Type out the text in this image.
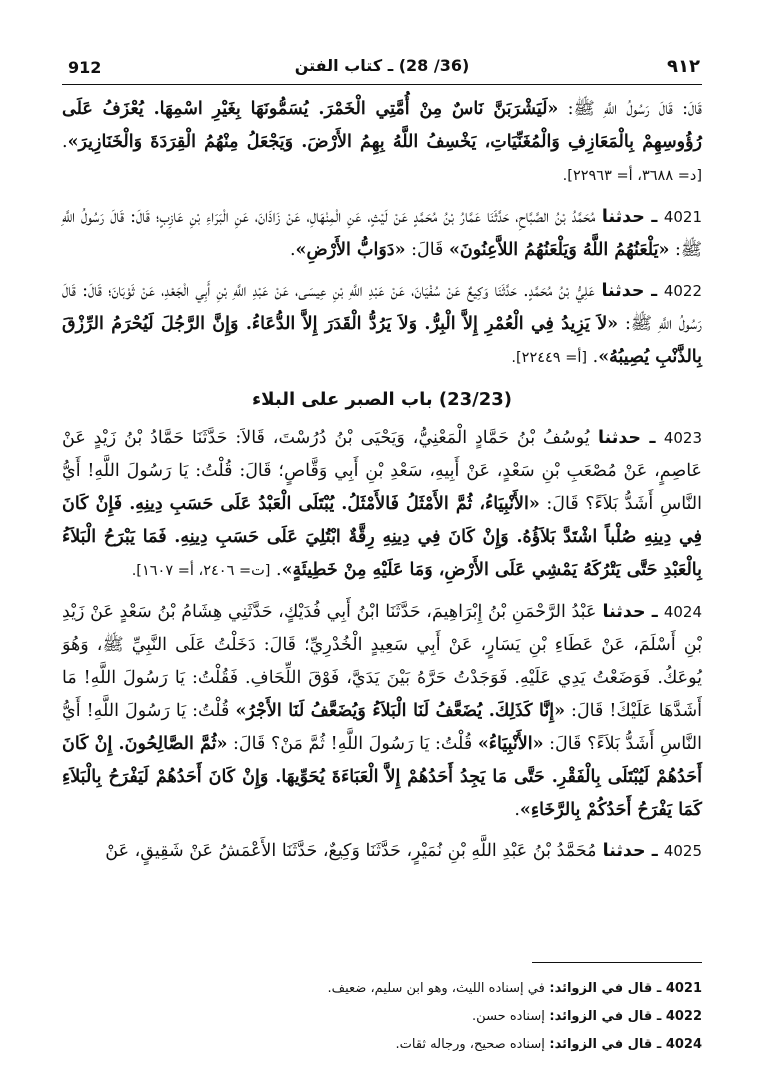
912	(36/ 28) ـ كتاب الفتن	٩١٢

قَالَ: قَالَ رَسُولُ اللَّهِ ﷺ: «لَيَشْرَبَنَّ نَاسٌ مِنْ أُمَّتِي الْخَمْرَ. يُسَمُّونَهَا بِغَيْرِ اسْمِهَا. يُعْزَفُ عَلَى رُؤُوسِهِمْ بِالْمَعَازِفِ وَالْمُغَنِّيَاتِ، يَخْسِفُ اللَّهُ بِهِمُ الأَرْضَ. وَيَجْعَلُ مِنْهُمُ الْقِرَدَةَ وَالْخَنَازِيرَ». [د= ٣٦٨٨، أ= ٢٢٩٦٣].

4021 ـ حدثنا مُحَمَّدُ بْنُ الصَّبَّاحِ، حَدَّثَنَا عَمَّارُ بْنُ مُحَمَّدٍ عَنْ لَيْثٍ، عَنِ الْمِنْهَالِ، عَنْ زَاذَانَ، عَنِ الْبَرَاءِ بْنِ عَازِبٍ؛ قَالَ: قَالَ رَسُولُ اللَّهِ ﷺ: «يَلْعَنُهُمُ اللَّهُ وَيَلْعَنُهُمُ اللاَّعِنُونَ» قَالَ: «دَوَابُّ الأَرْضِ».

4022 ـ حدثنا عَلِيُّ بْنُ مُحَمَّدٍ. حَدَّثَنَا وَكِيعٌ عَنْ سُفْيَانَ، عَنْ عَبْدِ اللَّهِ بْنِ عِيسَى، عَنْ عَبْدِ اللَّهِ بْنِ أَبِي الْجَعْدِ، عَنْ ثَوْبَانَ؛ قَالَ: قَالَ رَسُولُ اللَّهِ ﷺ: «لاَ يَزِيدُ فِي الْعُمْرِ إِلاَّ الْبِرُّ. وَلاَ يَرُدُّ الْقَدَرَ إِلاَّ الدُّعَاءُ. وَإِنَّ الرَّجُلَ لَيُحْرَمُ الرِّزْقَ بِالذَّنْبِ يُصِيبُهُ». [أ= ٢٢٤٤٩].

(23/23) باب الصبر على البلاء

4023 ـ حدثنا يُوسُفُ بْنُ حَمَّادٍ الْمَعْنِيُّ، وَيَحْيَى بْنُ دُرُسْتَ، قَالاَ: حَدَّثَنَا حَمَّادُ بْنُ زَيْدٍ عَنْ عَاصِمٍ، عَنْ مُصْعَبِ بْنِ سَعْدٍ، عَنْ أَبِيهِ، سَعْدِ بْنِ أَبِي وَقَّاصٍ؛ قَالَ: قُلْتُ: يَا رَسُولَ اللَّهِ! أَيُّ النَّاسِ أَشَدُّ بَلاَءً؟ قَالَ: «الأَنْبِيَاءُ، ثُمَّ الأَمْثَلُ فَالأَمْثَلُ. يُبْتَلَى الْعَبْدُ عَلَى حَسَبِ دِينِهِ. فَإِنْ كَانَ فِي دِينِهِ صُلْباً اشْتَدَّ بَلاَؤُهُ. وَإِنْ كَانَ فِي دِينِهِ رِقَّةٌ ابْتُلِيَ عَلَى حَسَبِ دِينِهِ. فَمَا يَبْرَحُ الْبَلاَءُ بِالْعَبْدِ حَتَّى يَتْرُكَهُ يَمْشِي عَلَى الأَرْضِ، وَمَا عَلَيْهِ مِنْ خَطِيئَةٍ». [ت= ٢٤٠٦، أ= ١٦٠٧].

4024 ـ حدثنا عَبْدُ الرَّحْمَنِ بْنُ إِبْرَاهِيمَ، حَدَّثَنَا ابْنُ أَبِي فُدَيْكٍ، حَدَّثَنِي هِشَامُ بْنُ سَعْدٍ عَنْ زَيْدِ بْنِ أَسْلَمَ، عَنْ عَطَاءِ بْنِ يَسَارٍ، عَنْ أَبِي سَعِيدٍ الْخُدْرِيِّ؛ قَالَ: دَخَلْتُ عَلَى النَّبِيِّ ﷺ، وَهُوَ يُوعَكُ. فَوَضَعْتُ يَدِي عَلَيْهِ. فَوَجَدْتُ حَرَّهُ بَيْنَ يَدَيَّ، فَوْقَ اللِّحَافِ. فَقُلْتُ: يَا رَسُولَ اللَّهِ! مَا أَشَدَّهَا عَلَيْكَ! قَالَ: «إِنَّا كَذَلِكَ. يُضَعَّفُ لَنَا الْبَلاَءُ وَيُضَعَّفُ لَنَا الأَجْرُ» قُلْتُ: يَا رَسُولَ اللَّهِ! أَيُّ النَّاسِ أَشَدُّ بَلاَءً؟ قَالَ: «الأَنْبِيَاءُ» قُلْتُ: يَا رَسُولَ اللَّهِ! ثُمَّ مَنْ؟ قَالَ: «ثُمَّ الصَّالِحُونَ. إِنْ كَانَ أَحَدُهُمْ لَيُبْتَلَى بِالْفَقْرِ. حَتَّى مَا يَجِدُ أَحَدُهُمْ إِلاَّ الْعَبَاءَةَ يُحَوِّيهَا. وَإِنْ كَانَ أَحَدُهُمْ لَيَفْرَحُ بِالْبَلاَءِ كَمَا يَفْرَحُ أَحَدُكُمْ بِالرَّخَاءِ».

4025 ـ حدثنا مُحَمَّدُ بْنُ عَبْدِ اللَّهِ بْنِ نُمَيْرٍ، حَدَّثَنَا وَكِيعٌ، حَدَّثَنَا الأَعْمَشُ عَنْ شَقِيقٍ، عَنْ

4021 ـ قال في الزوائد: في إسناده الليث، وهو ابن سليم، ضعيف.
4022 ـ قال في الزوائد: إسناده حسن.
4024 ـ قال في الزوائد: إسناده صحيح، ورجاله ثقات.
